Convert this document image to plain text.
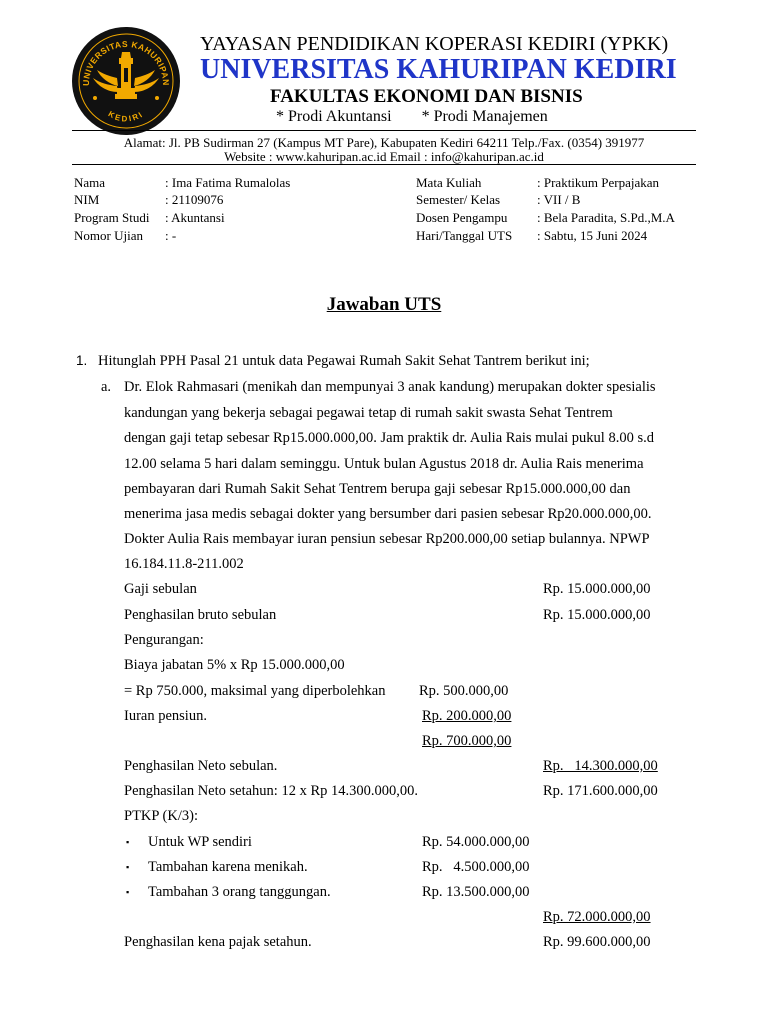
UNIVERSITAS KAHURIPAN
KEDIRI
YAYASAN PENDIDIKAN KOPERASI KEDIRI (YPKK)
UNIVERSITAS KAHURIPAN KEDIRI
FAKULTAS EKONOMI DAN BISNIS
* Prodi Akuntansi * Prodi Manajemen
Alamat: Jl. PB Sudirman 27 (Kampus MT Pare), Kabupaten Kediri 64211 Telp./Fax. (0354) 391977
Website : www.kahuripan.ac.id Email : info@kahuripan.ac.id
Nama	: Ima Fatima Rumalolas
NIM	: 21109076
Program Studi : Akuntansi
Nomor Ujian : -
Mata Kuliah	: Praktikum Perpajakan
Semester/ Kelas	: VII / B
Dosen Pengampu : Bela Paradita, S.Pd.,M.A
Hari/Tanggal UTS : Sabtu, 15 Juni 2024
Jawaban UTS
1. Hitunglah PPH Pasal 21 untuk data Pegawai Rumah Sakit Sehat Tantrem berikut ini;
a. Dr. Elok Rahmasari (menikah dan mempunyai 3 anak kandung) merupakan dokter spesialis
kandungan yang bekerja sebagai pegawai tetap di rumah sakit swasta Sehat Tentrem
dengan gaji tetap sebesar Rp15.000.000,00. Jam praktik dr. Aulia Rais mulai pukul 8.00 s.d
12.00 selama 5 hari dalam seminggu. Untuk bulan Agustus 2018 dr. Aulia Rais menerima
pembayaran dari Rumah Sakit Sehat Tentrem berupa gaji sebesar Rp15.000.000,00 dan
menerima jasa medis sebagai dokter yang bersumber dari pasien sebesar Rp20.000.000,00.
Dokter Aulia Rais membayar iuran pensiun sebesar Rp200.000,00 setiap bulannya. NPWP
16.184.11.8-211.002
Gaji sebulan	Rp. 15.000.000,00
Penghasilan bruto sebulan	Rp. 15.000.000,00
Pengurangan:
Biaya jabatan 5% x Rp 15.000.000,00
= Rp 750.000, maksimal yang diperbolehkan Rp. 500.000,00
Iuran pensiun.	Rp. 200.000,00
Rp. 700.000,00
Penghasilan Neto sebulan.	Rp.   14.300.000,00
Penghasilan Neto setahun: 12 x Rp 14.300.000,00.	Rp. 171.600.000,00
PTKP (K/3):
▪ Untuk WP sendiri	Rp. 54.000.000,00
▪ Tambahan karena menikah.	Rp.   4.500.000,00
▪ Tambahan 3 orang tanggungan.	Rp. 13.500.000,00
Rp. 72.000.000,00
Penghasilan kena pajak setahun.	Rp. 99.600.000,00
